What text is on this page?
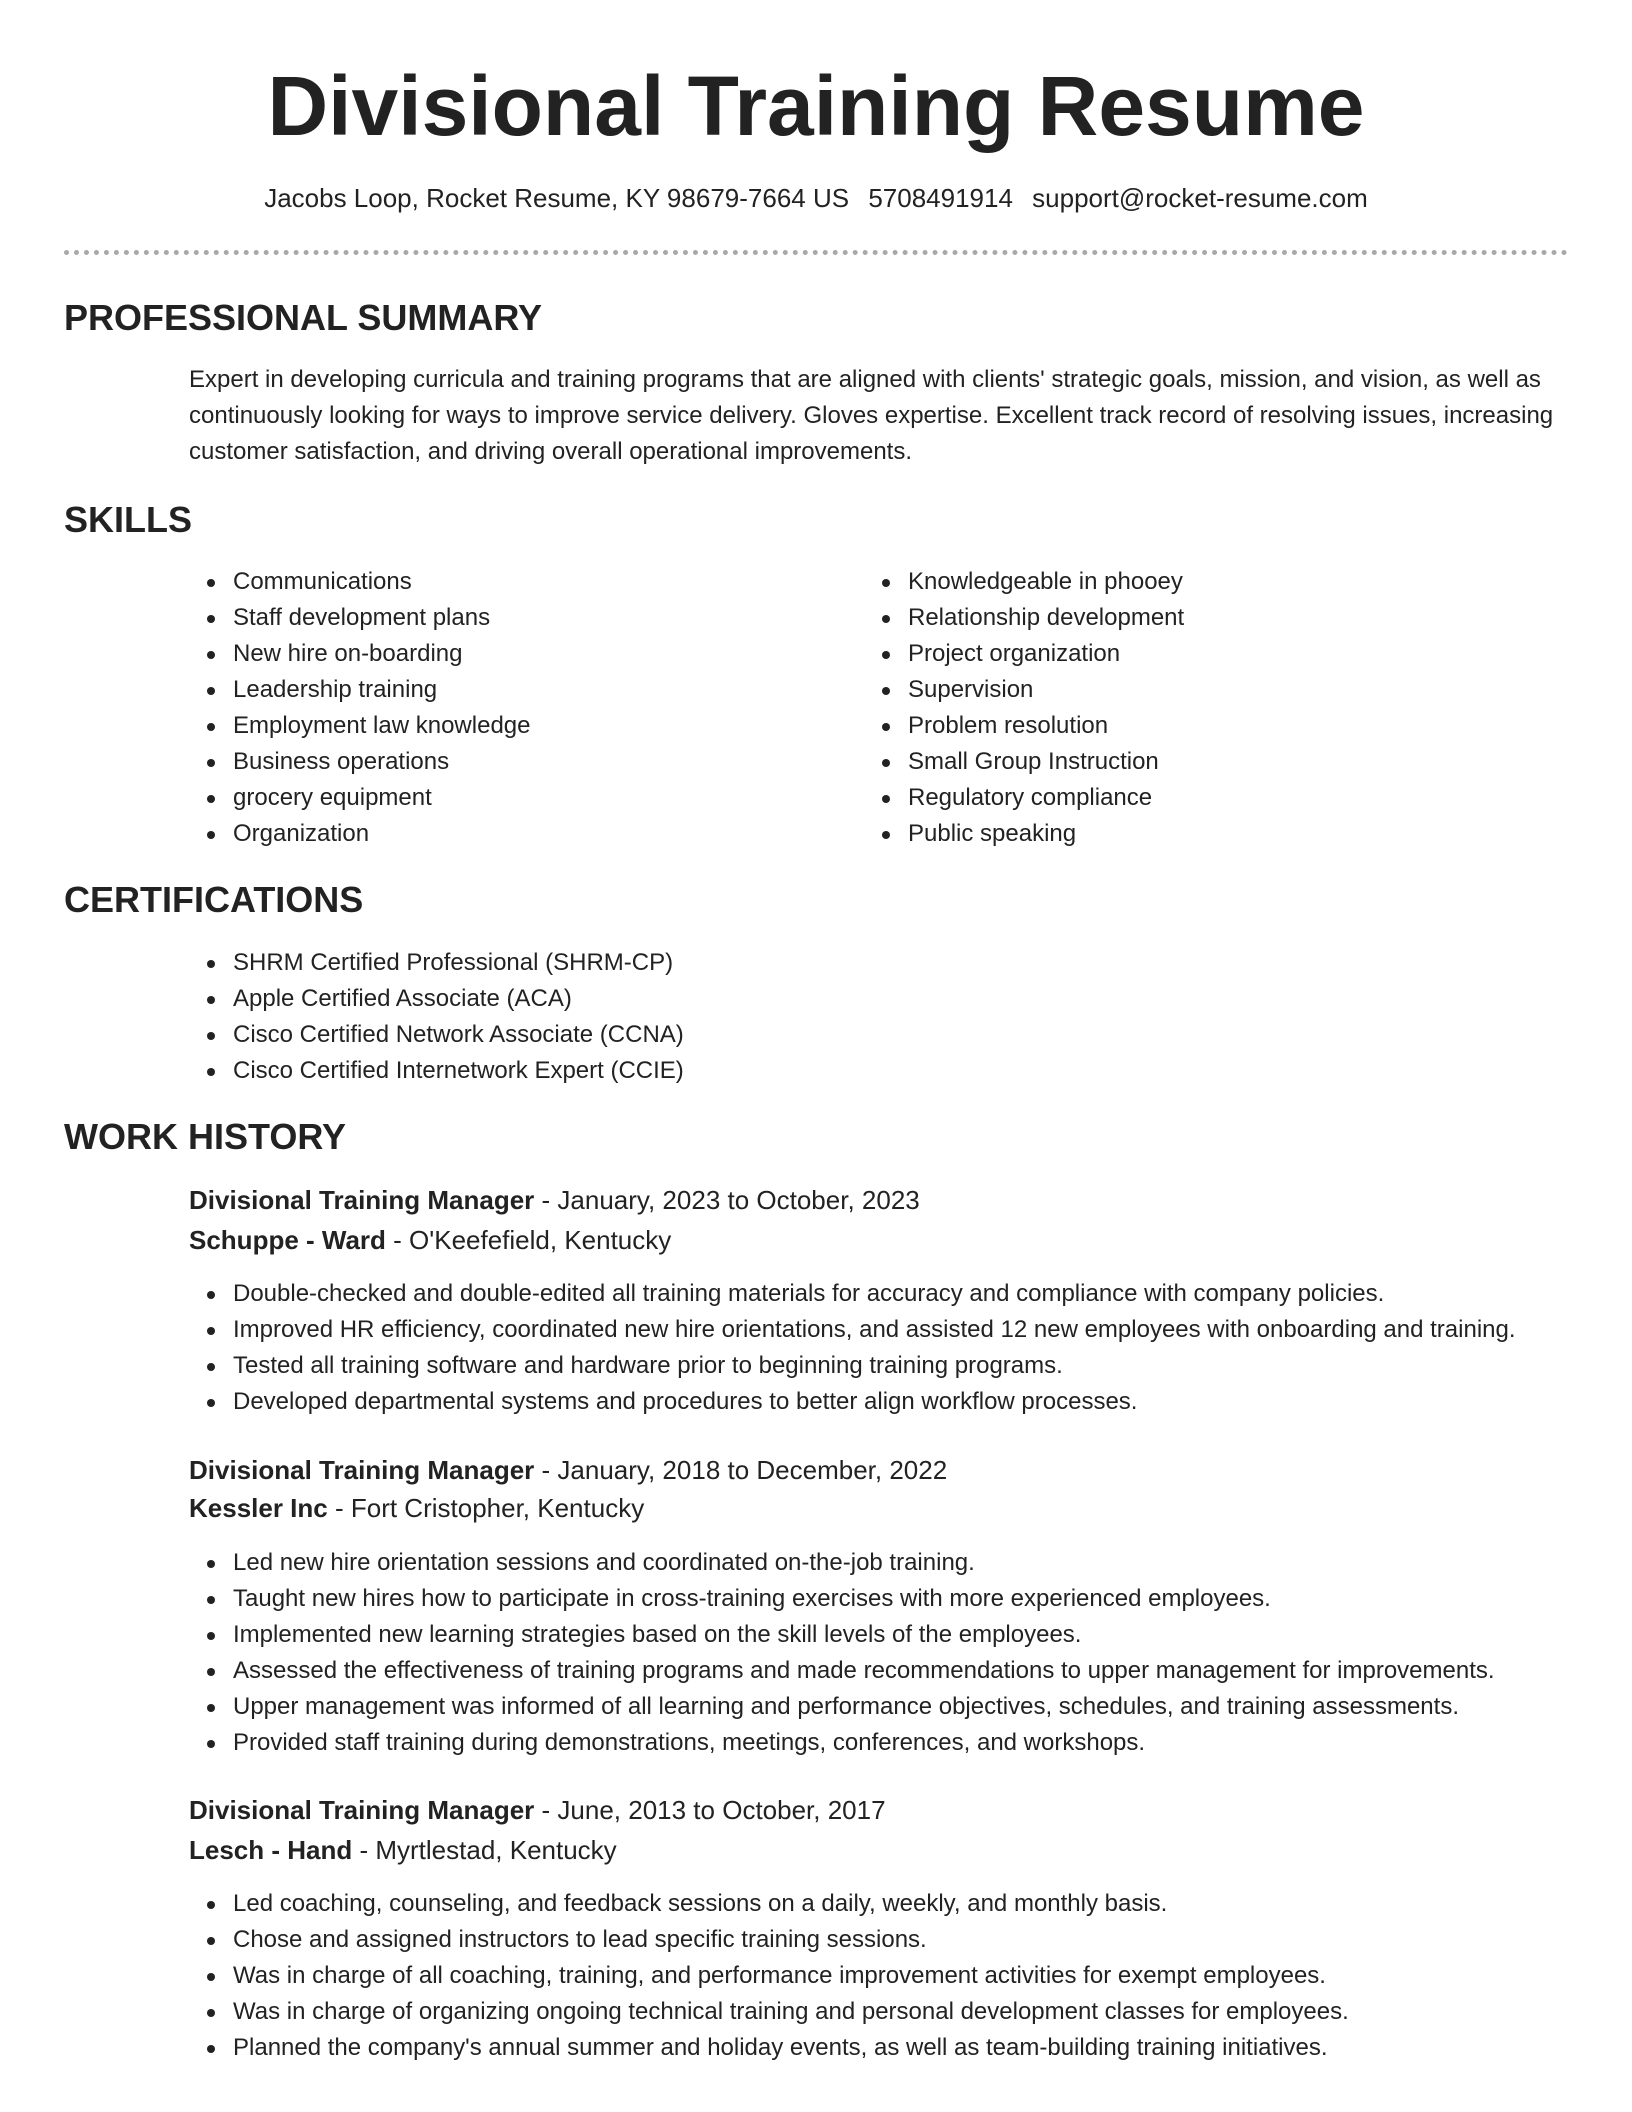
Divisional Training Resume
Jacobs Loop, Rocket Resume, KY 98679-7664 US 5708491914 support@rocket-resume.com
PROFESSIONAL SUMMARY

Expert in developing curricula and training programs that are aligned with clients' strategic goals, mission, and vision, as well as continuously looking for ways to improve service delivery. Gloves expertise. Excellent track record of resolving issues, increasing customer satisfaction, and driving overall operational improvements.

SKILLS
Communications
Staff development plans
New hire on-boarding
Leadership training
Employment law knowledge
Business operations
grocery equipment
Organization
Knowledgeable in phooey
Relationship development
Project organization
Supervision
Problem resolution
Small Group Instruction
Regulatory compliance
Public speaking
CERTIFICATIONS
SHRM Certified Professional (SHRM-CP)
Apple Certified Associate (ACA)
Cisco Certified Network Associate (CCNA)
Cisco Certified Internetwork Expert (CCIE)
WORK HISTORY
Divisional Training Manager - January, 2023 to October, 2023
Schuppe - Ward - O'Keefefield, Kentucky
Double-checked and double-edited all training materials for accuracy and compliance with company policies.
Improved HR efficiency, coordinated new hire orientations, and assisted 12 new employees with onboarding and training.
Tested all training software and hardware prior to beginning training programs.
Developed departmental systems and procedures to better align workflow processes.
Divisional Training Manager - January, 2018 to December, 2022
Kessler Inc - Fort Cristopher, Kentucky
Led new hire orientation sessions and coordinated on-the-job training.
Taught new hires how to participate in cross-training exercises with more experienced employees.
Implemented new learning strategies based on the skill levels of the employees.
Assessed the effectiveness of training programs and made recommendations to upper management for improvements.
Upper management was informed of all learning and performance objectives, schedules, and training assessments.
Provided staff training during demonstrations, meetings, conferences, and workshops.
Divisional Training Manager - June, 2013 to October, 2017
Lesch - Hand - Myrtlestad, Kentucky
Led coaching, counseling, and feedback sessions on a daily, weekly, and monthly basis.
Chose and assigned instructors to lead specific training sessions.
Was in charge of all coaching, training, and performance improvement activities for exempt employees.
Was in charge of organizing ongoing technical training and personal development classes for employees.
Planned the company's annual summer and holiday events, as well as team-building training initiatives.
